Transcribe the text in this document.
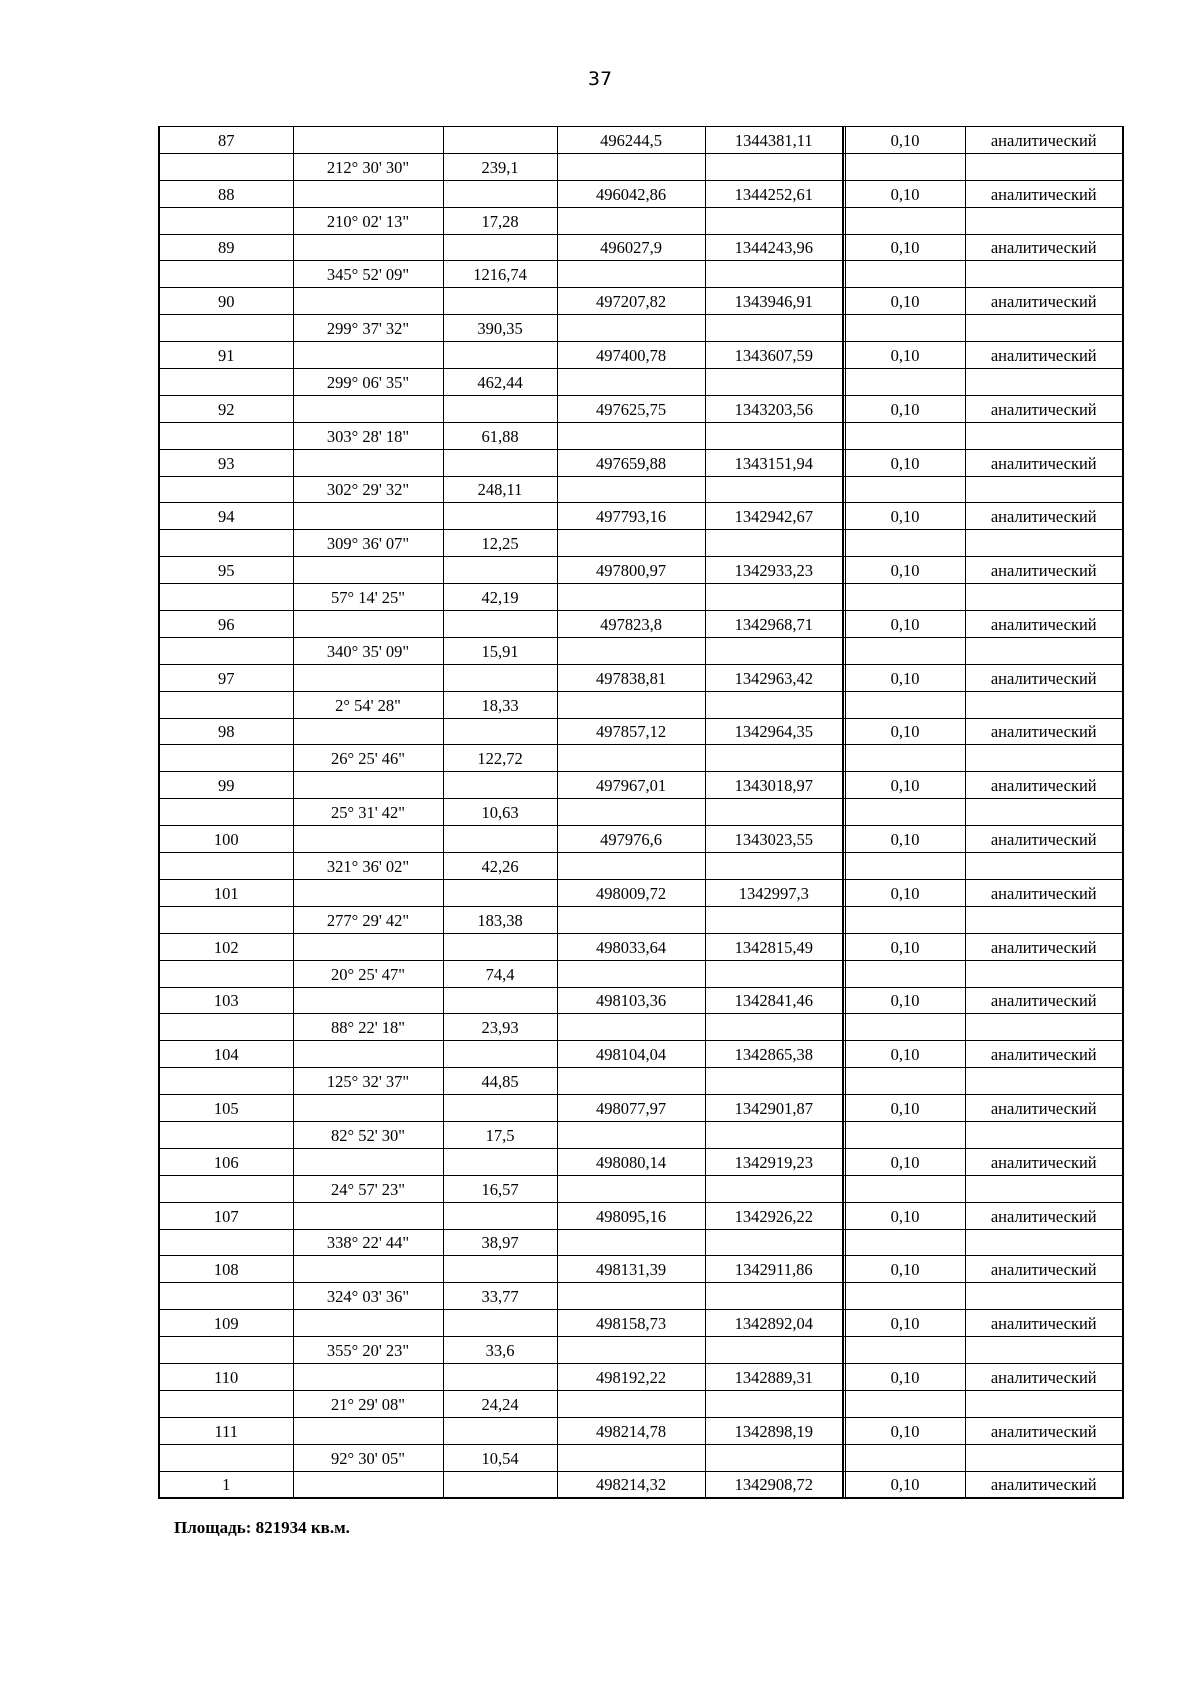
37
87			496244,5	1344381,11		0,10	аналитический
	212° 30' 30"	239,1					
88			496042,86	1344252,61		0,10	аналитический
	210° 02' 13"	17,28					
89			496027,9	1344243,96		0,10	аналитический
	345° 52' 09"	1216,74					
90			497207,82	1343946,91		0,10	аналитический
	299° 37' 32"	390,35					
91			497400,78	1343607,59		0,10	аналитический
	299° 06' 35"	462,44					
92			497625,75	1343203,56		0,10	аналитический
	303° 28' 18"	61,88					
93			497659,88	1343151,94		0,10	аналитический
	302° 29' 32"	248,11					
94			497793,16	1342942,67		0,10	аналитический
	309° 36' 07"	12,25					
95			497800,97	1342933,23		0,10	аналитический
	57° 14' 25"	42,19					
96			497823,8	1342968,71		0,10	аналитический
	340° 35' 09"	15,91					
97			497838,81	1342963,42		0,10	аналитический
	2° 54' 28"	18,33					
98			497857,12	1342964,35		0,10	аналитический
	26° 25' 46"	122,72					
99			497967,01	1343018,97		0,10	аналитический
	25° 31' 42"	10,63					
100			497976,6	1343023,55		0,10	аналитический
	321° 36' 02"	42,26					
101			498009,72	1342997,3		0,10	аналитический
	277° 29' 42"	183,38					
102			498033,64	1342815,49		0,10	аналитический
	20° 25' 47"	74,4					
103			498103,36	1342841,46		0,10	аналитический
	88° 22' 18"	23,93					
104			498104,04	1342865,38		0,10	аналитический
	125° 32' 37"	44,85					
105			498077,97	1342901,87		0,10	аналитический
	82° 52' 30"	17,5					
106			498080,14	1342919,23		0,10	аналитический
	24° 57' 23"	16,57					
107			498095,16	1342926,22		0,10	аналитический
	338° 22' 44"	38,97					
108			498131,39	1342911,86		0,10	аналитический
	324° 03' 36"	33,77					
109			498158,73	1342892,04		0,10	аналитический
	355° 20' 23"	33,6					
110			498192,22	1342889,31		0,10	аналитический
	21° 29' 08"	24,24					
111			498214,78	1342898,19		0,10	аналитический
	92° 30' 05"	10,54					
1			498214,32	1342908,72		0,10	аналитический
Площадь: 821934 кв.м.
